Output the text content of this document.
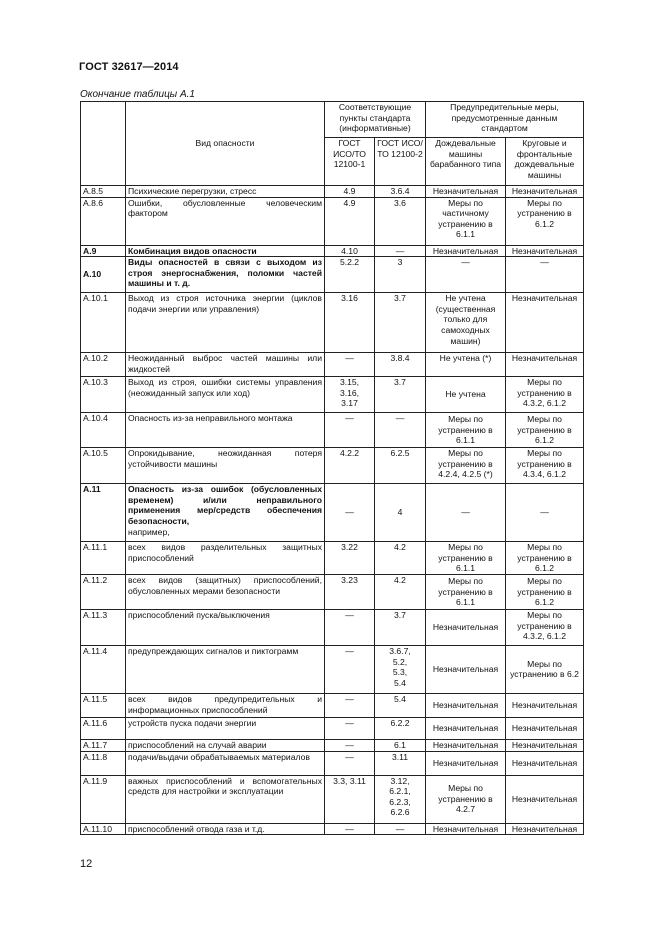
ГОСТ 32617—2014
Окончание таблицы А.1
	Вид опасности	Соответствующие пункты стандарта (информативные)		Предупредительные меры, предусмотренные данным стандартом	
		ГОСТ ИСО/ТО 12100-1	ГОСТ ИСО/ТО 12100-2	Дождевальные машины барабанного типа	Круговые и фронтальные дождевальные машины
А.8.5	Психические перегрузки, стресс	4.9	3.6.4	Незначительная	Незначительная
А.8.6	Ошибки, обусловленные человеческим фактором	4.9	3.6	Меры по частичному устранению в 6.1.1	Меры по устранению в 6.1.2
А.9	Комбинация видов опасности	4.10	—	Незначительная	Незначительная
А.10	Виды опасностей в связи с выходом из строя энергоснабжения, поломки частей машины и т. д.	5.2.2	3	—	—
А.10.1	Выход из строя источника энергии (циклов подачи энергии или управления)	3.16	3.7	Не учтена (существенная только для самоходных машин)	Незначительная
А.10.2	Неожиданный выброс частей машины или жидкостей	—	3.8.4	Не учтена (*)	Незначительная
А.10.3	Выход из строя, ошибки системы управления (неожиданный запуск или ход)	3.15,
3.16,
3.17	3.7	Не учтена	Меры по устранению в 4.3.2, 6.1.2
А.10.4	Опасность из-за неправильного монтажа	—	—	Меры по устранению в 6.1.1	Меры по устранению в 6.1.2
А.10.5	Опрокидывание, неожиданная потеря устойчивости машины	4.2.2	6.2.5	Меры по устранению в 4.2.4, 4.2.5 (*)	Меры по устранению в 4.3.4, 6.1.2
А.11	Опасность из-за ошибок (обусловленных временем) и/или неправильного применения мер/средств обеспечения безопасности,
например,	—	4	—	—
А.11.1	всех видов разделительных защитных приспособлений	3.22	4.2	Меры по устранению в 6.1.1	Меры по устранению в 6.1.2
А.11.2	всех видов (защитных) приспособлений, обусловленных мерами безопасности	3.23	4.2	Меры по устранению в 6.1.1	Меры по устранению в 6.1.2
А.11.3	приспособлений пуска/выключения	—	3.7	Незначительная	Меры по устранению в 4.3.2, 6.1.2
А.11.4	предупреждающих сигналов и пиктограмм	—	3.6.7,
5.2,
5.3,
5.4	Незначительная	Меры по устранению в 6.2
А.11.5	всех видов предупредительных и информационных приспособлений	—	5.4	Незначительная	Незначительная
А.11.6	устройств пуска подачи энергии	—	6.2.2	Незначительная	Незначительная
А.11.7	приспособлений на случай аварии	—	6.1	Незначительная	Незначительная
А.11.8	подачи/выдачи обрабатываемых материалов	—	3.11	Незначительная	Незначительная
А.11.9	важных приспособлений и вспомогательных средств для настройки и эксплуатации	3.3, 3.11	3.12,
6.2.1,
6.2.3,
6.2.6	Меры по устранению в 4.2.7	Незначительная
А.11.10	приспособлений отвода газа и т.д.	—	—	Незначительная	Незначительная
12
